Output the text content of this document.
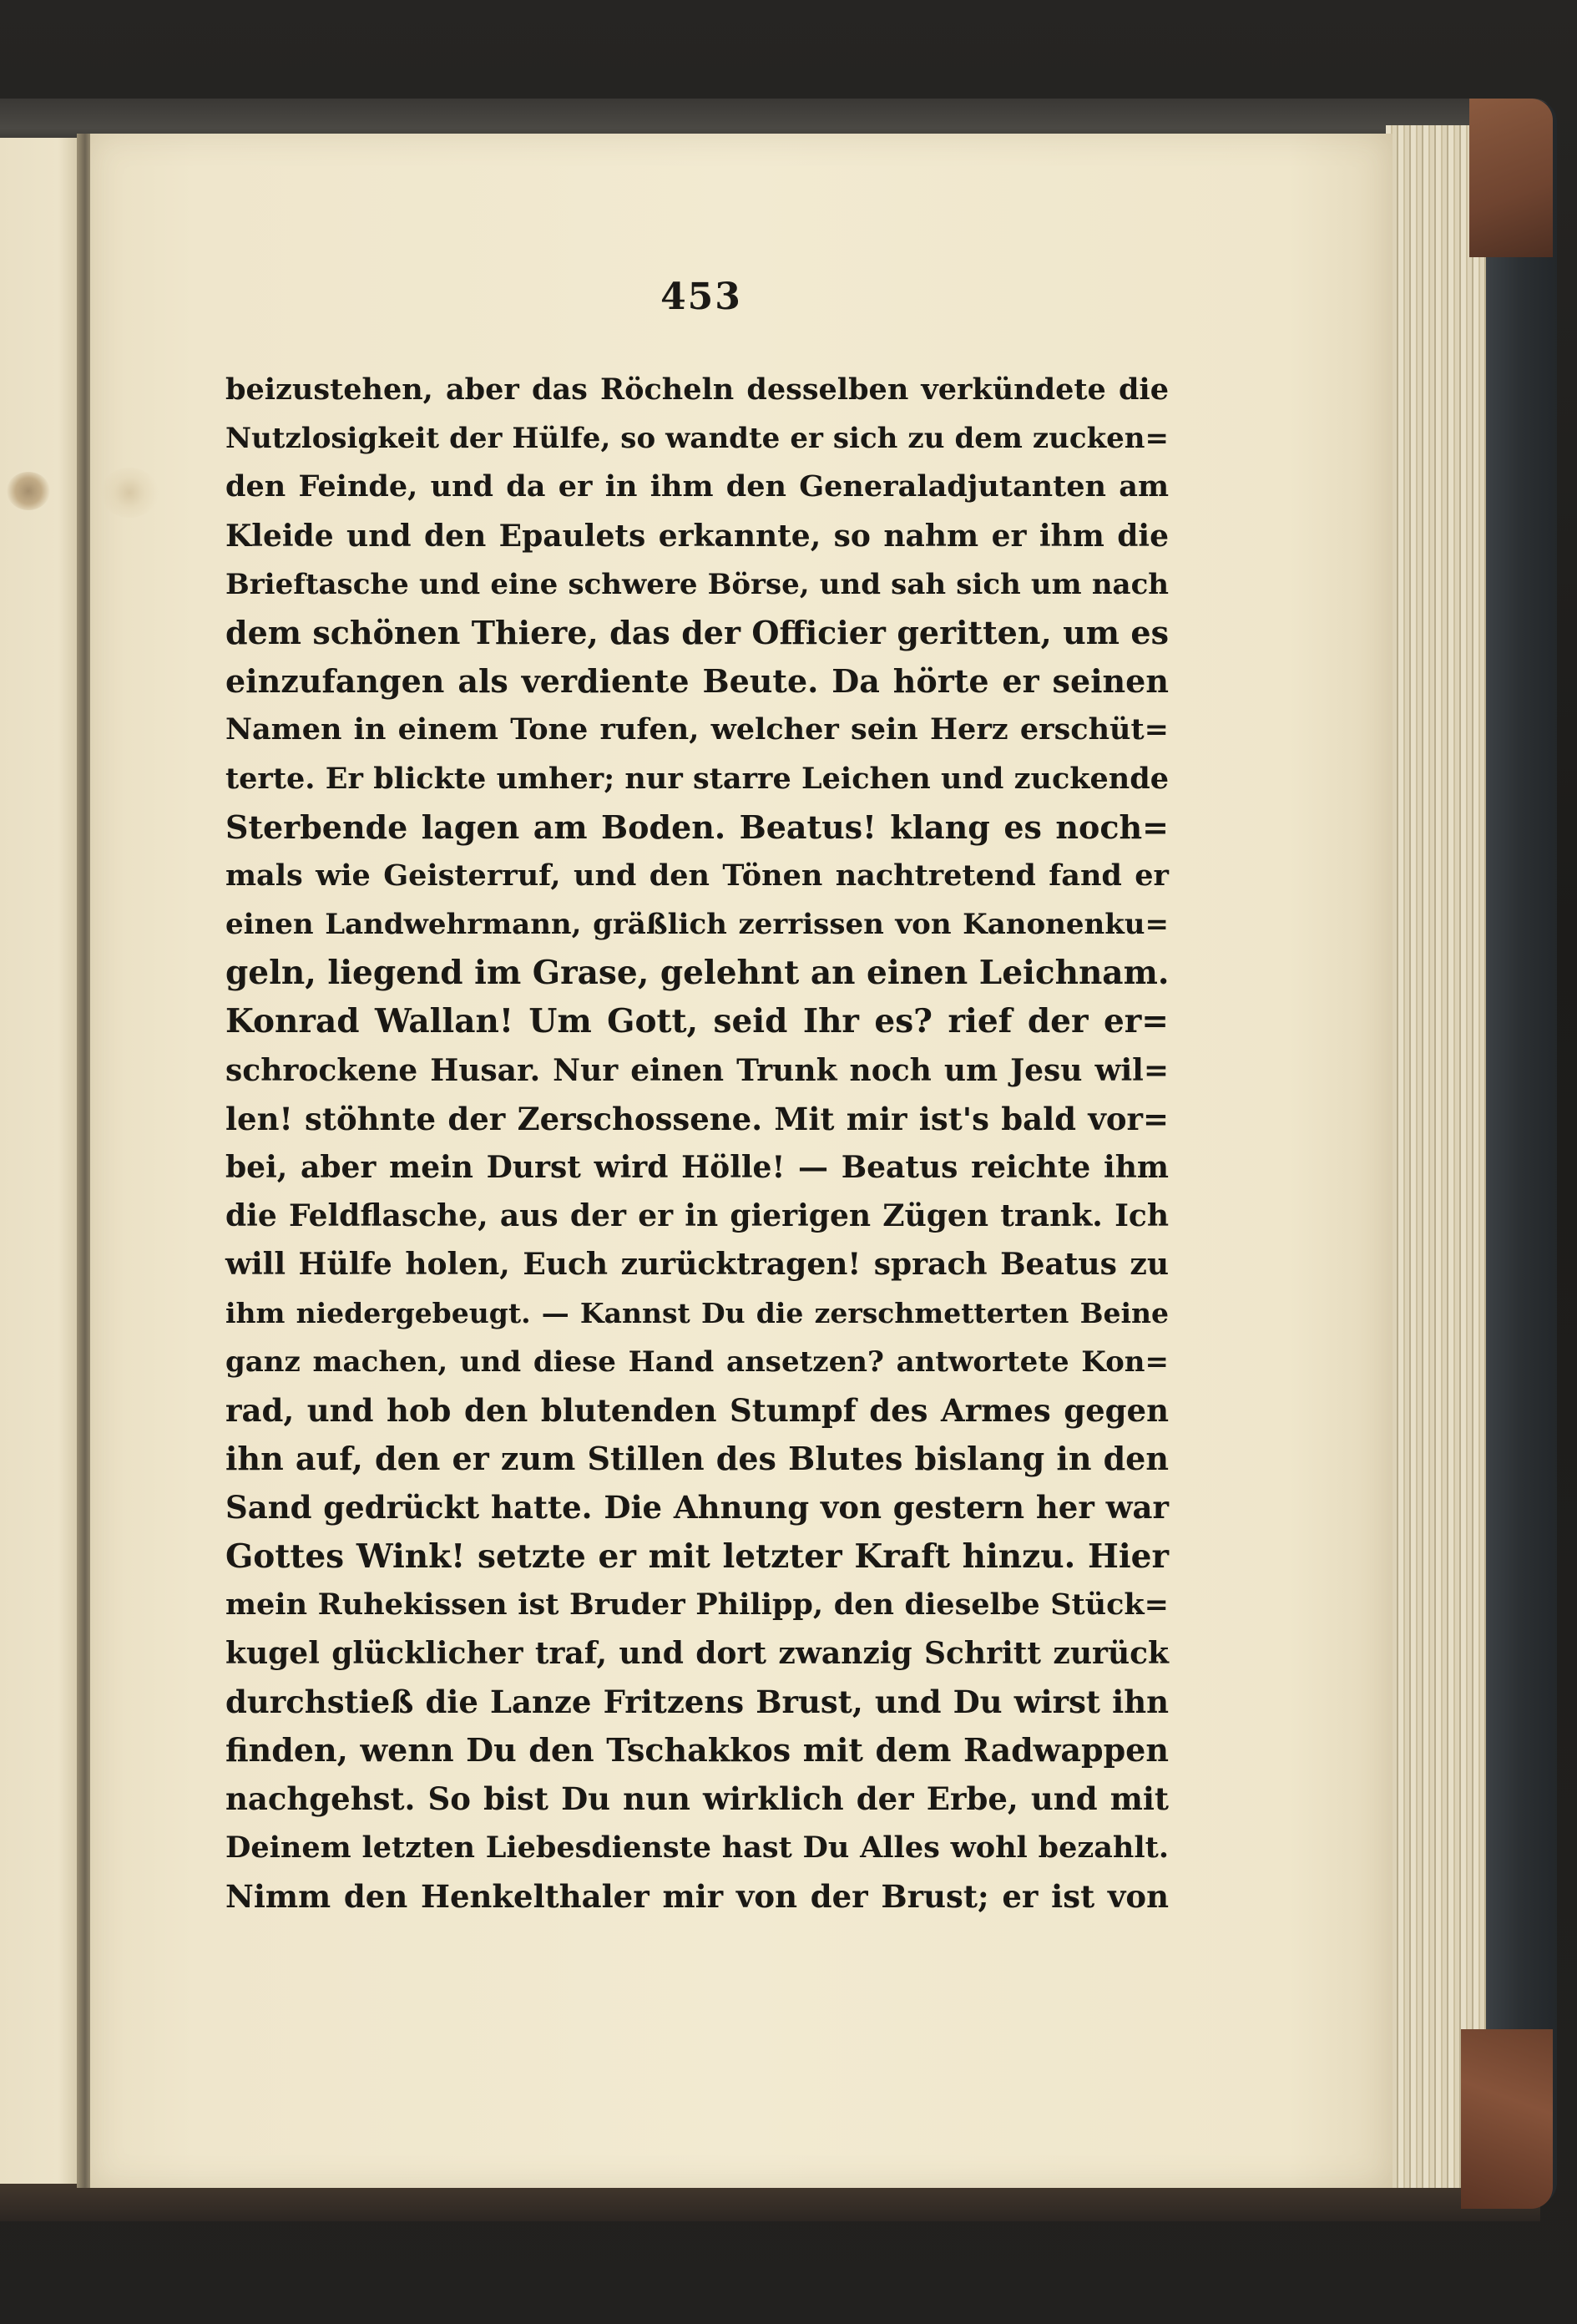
453
beizustehen, aber das Röcheln desselben verkündete die
Nutzlosigkeit der Hülfe, so wandte er sich zu dem zucken=
den Feinde, und da er in ihm den Generaladjutanten am
Kleide und den Epaulets erkannte, so nahm er ihm die
Brieftasche und eine schwere Börse, und sah sich um nach
dem schönen Thiere, das der Officier geritten, um es
einzufangen als verdiente Beute. Da hörte er seinen
Namen in einem Tone rufen, welcher sein Herz erschüt=
terte. Er blickte umher; nur starre Leichen und zuckende
Sterbende lagen am Boden. Beatus! klang es noch=
mals wie Geisterruf, und den Tönen nachtretend fand er
einen Landwehrmann, gräßlich zerrissen von Kanonenku=
geln, liegend im Grase, gelehnt an einen Leichnam.
Konrad Wallan! Um Gott, seid Ihr es? rief der er=
schrockene Husar. Nur einen Trunk noch um Jesu wil=
len! stöhnte der Zerschossene. Mit mir ist's bald vor=
bei, aber mein Durst wird Hölle! — Beatus reichte ihm
die Feldflasche, aus der er in gierigen Zügen trank. Ich
will Hülfe holen, Euch zurücktragen! sprach Beatus zu
ihm niedergebeugt. — Kannst Du die zerschmetterten Beine
ganz machen, und diese Hand ansetzen? antwortete Kon=
rad, und hob den blutenden Stumpf des Armes gegen
ihn auf, den er zum Stillen des Blutes bislang in den
Sand gedrückt hatte. Die Ahnung von gestern her war
Gottes Wink! setzte er mit letzter Kraft hinzu. Hier
mein Ruhekissen ist Bruder Philipp, den dieselbe Stück=
kugel glücklicher traf, und dort zwanzig Schritt zurück
durchstieß die Lanze Fritzens Brust, und Du wirst ihn
finden, wenn Du den Tschakkos mit dem Radwappen
nachgehst. So bist Du nun wirklich der Erbe, und mit
Deinem letzten Liebesdienste hast Du Alles wohl bezahlt.
Nimm den Henkelthaler mir von der Brust; er ist von
